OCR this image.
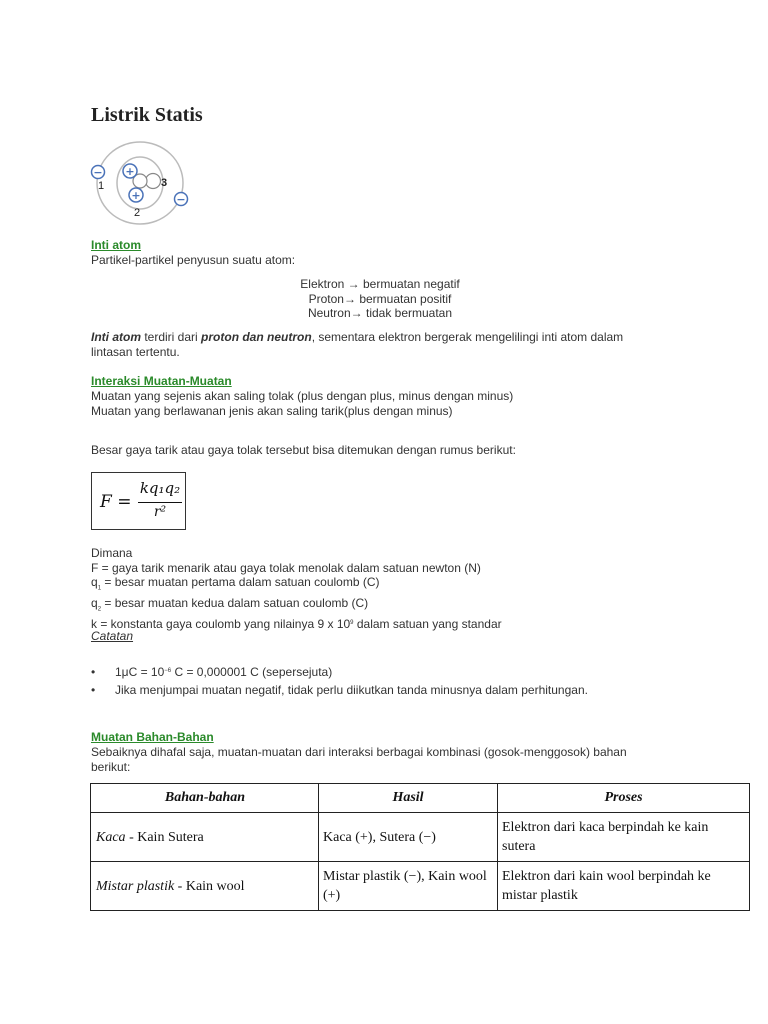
Listrik Statis
+
+
−
−
1
2
3
Inti atom
Partikel-partikel penyusun suatu atom:
Elektron → bermuatan negatif
Proton→ bermuatan positif
Neutron→ tidak bermuatan
Inti atom terdiri dari proton dan neutron, sementara elektron bergerak mengelilingi inti atom dalam
lintasan tertentu.
Interaksi Muatan-Muatan
Muatan yang sejenis akan saling tolak (plus dengan plus, minus dengan minus)
Muatan yang berlawanan jenis akan saling tarik(plus dengan minus)
Besar gaya tarik atau gaya tolak tersebut bisa ditemukan dengan rumus berikut:
F =
kq₁q₂
r²
Dimana
F = gaya tarik menarik atau gaya tolak menolak dalam satuan newton (N)
$q_1$ = besar muatan pertama dalam satuan coulomb (C)
$q_2$ = besar muatan kedua dalam satuan coulomb (C)
k = konstanta gaya coulomb yang nilainya 9 x $10^9$ dalam satuan yang standar
Catatan
• $1\mu C = 10^{-6}$ C = 0,000001 C (sepersejuta)
• Jika menjumpai muatan negatif, tidak perlu diikutkan tanda minusnya dalam perhitungan.
Muatan Bahan-Bahan
Sebaiknya dihafal saja, muatan-muatan dari interaksi berbagai kombinasi (gosok-menggosok) bahan
berikut:
Bahan-bahan	Hasil	Proses
Kaca - Kain Sutera	Kaca (+), Sutera (−)	Elektron dari kaca berpindah ke kain sutera
Mistar plastik - Kain wool	Mistar plastik (−), Kain wool (+)	Elektron dari kain wool berpindah ke mistar plastik
